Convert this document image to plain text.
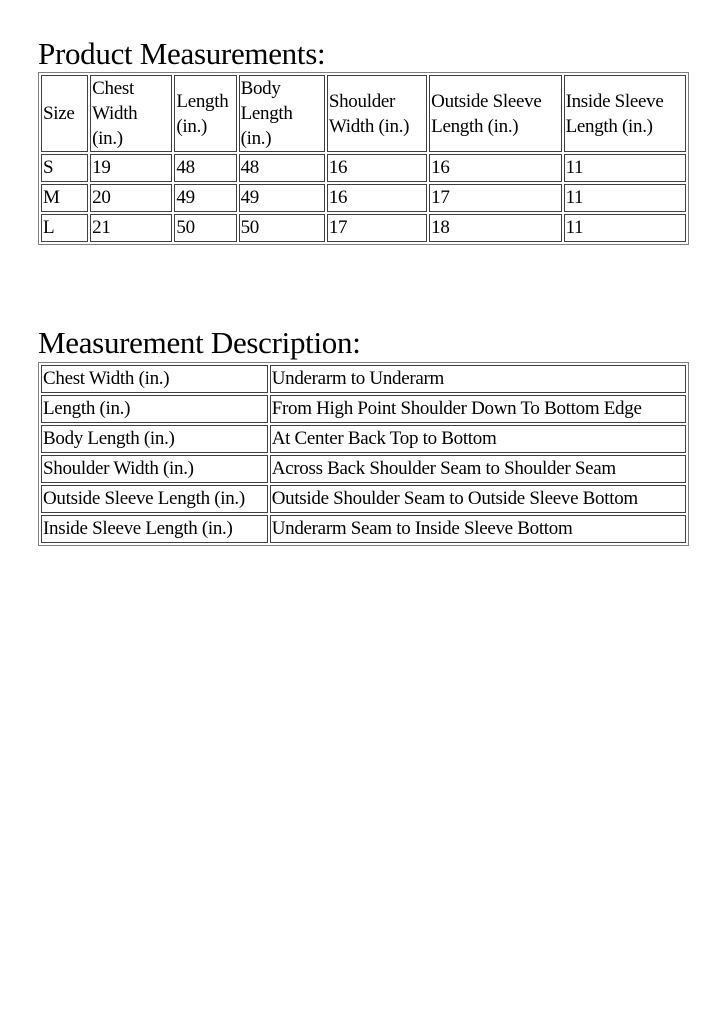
Product Measurements:
Size	Chest Width (in.)	Length (in.)	Body Length (in.)	Shoulder Width (in.)	Outside Sleeve Length (in.)	Inside Sleeve Length (in.)
S	19	48	48	16	16	11
M	20	49	49	16	17	11
L	21	50	50	17	18	11
Measurement Description:
Chest Width (in.)	Underarm to Underarm
Length (in.)	From High Point Shoulder Down To Bottom Edge
Body Length (in.)	At Center Back Top to Bottom
Shoulder Width (in.)	Across Back Shoulder Seam to Shoulder Seam
Outside Sleeve Length (in.)	Outside Shoulder Seam to Outside Sleeve Bottom
Inside Sleeve Length (in.)	Underarm Seam to Inside Sleeve Bottom
